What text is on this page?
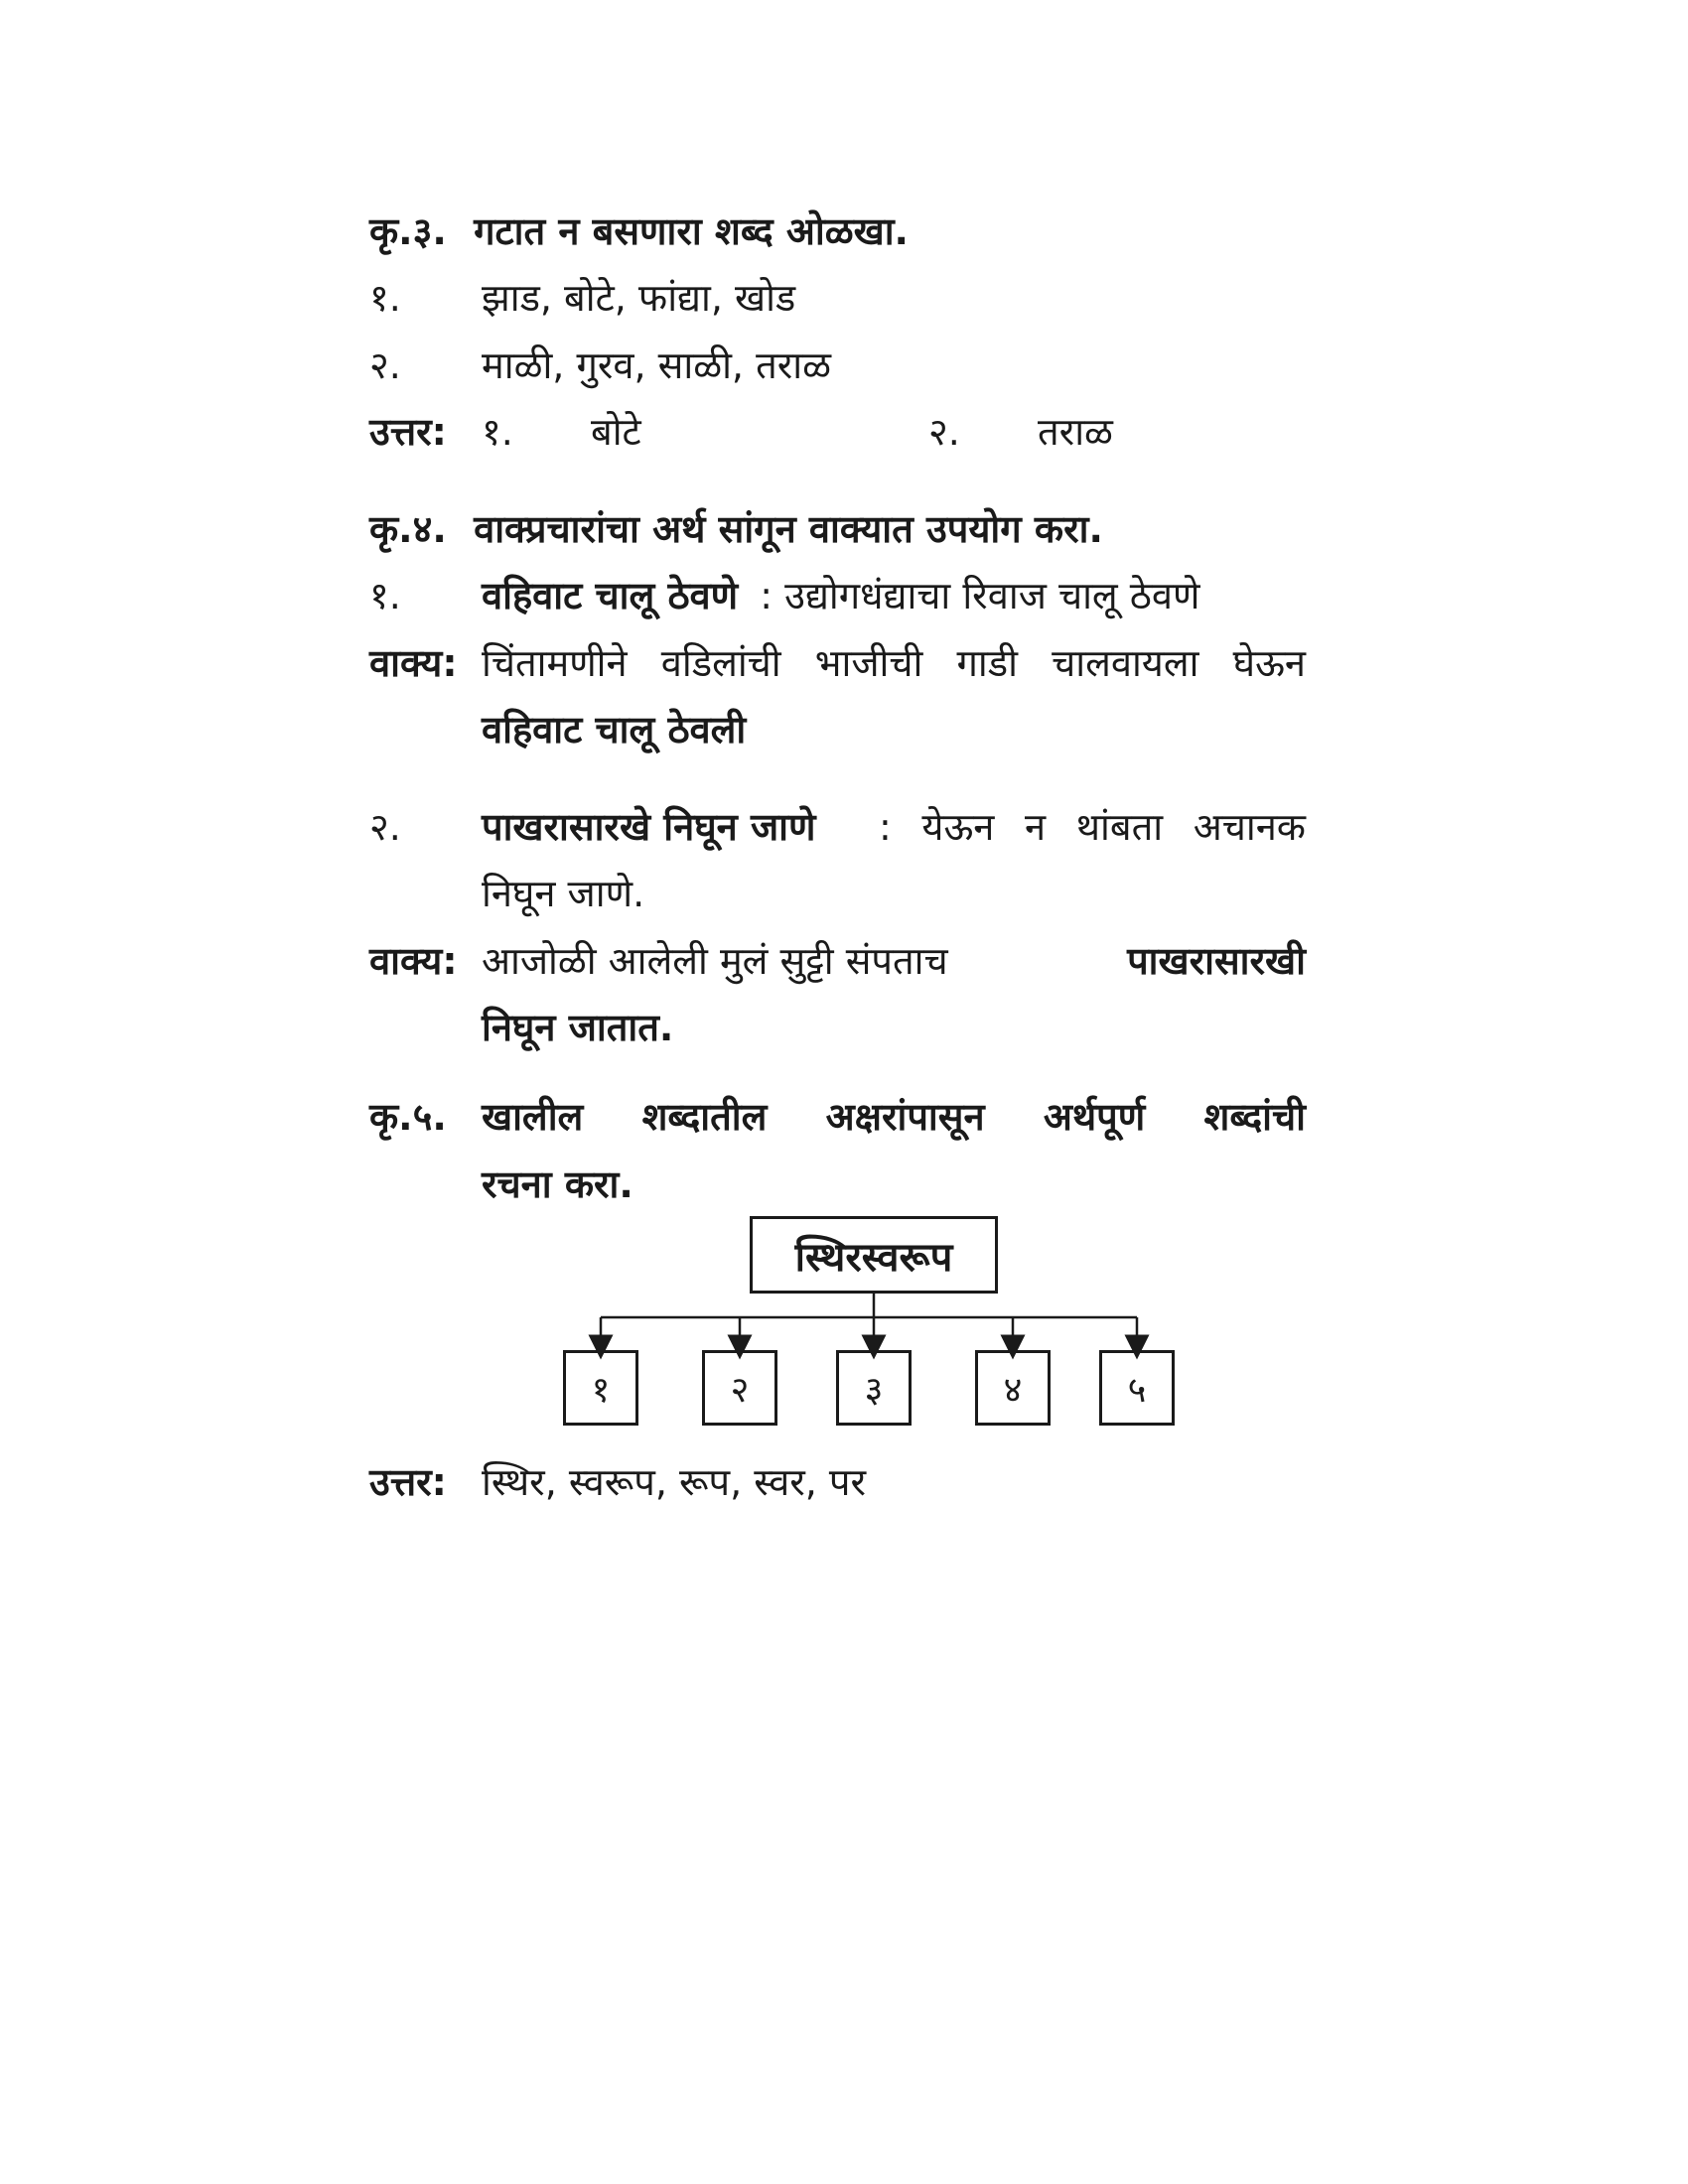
कृ.३. गटात न बसणारा शब्द ओळखा.
१. झाड, बोटे, फांद्या, खोड
२. माळी, गुरव, साळी, तराळ
उत्तर: १. बोटे	२. तराळ
कृ.४. वाक्प्रचारांचा अर्थ सांगून वाक्यात उपयोग करा.
१. वहिवाट चालू ठेवणे : उद्योगधंद्याचा रिवाज चालू ठेवणे
वाक्य: चिंतामणीने वडिलांची भाजीची गाडी चालवायला घेऊन
वहिवाट चालू ठेवली
२. पाखरासारखे निघून जाणे : येऊन न थांबता अचानक
निघून जाणे.
वाक्य: आजोळी आलेली मुलं सुट्टी संपताच	पाखरासारखी
निघून जातात.
कृ.५. खालील शब्दातील अक्षरांपासून अर्थपूर्ण शब्दांची
रचना करा.
स्थिरस्वरूप
१	२	३	४	५
उत्तर: स्थिर, स्वरूप, रूप, स्वर, पर
